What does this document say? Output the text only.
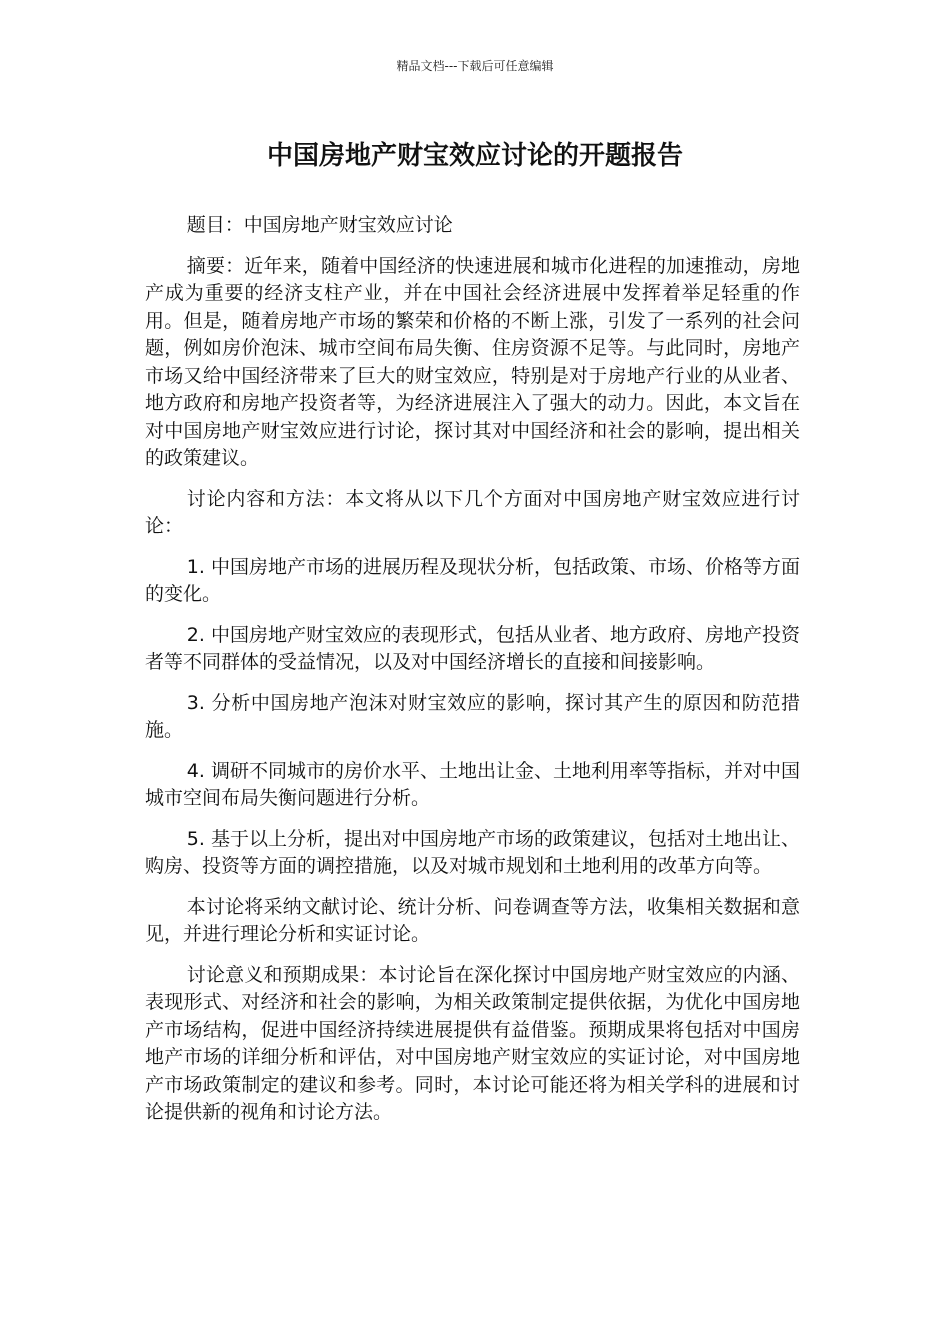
精品文档---下载后可任意编辑
中国房地产财宝效应讨论的开题报告

题目：中国房地产财宝效应讨论

摘要：近年来，随着中国经济的快速进展和城市化进程的加速推动，房地产成为重要的经济支柱产业，并在中国社会经济进展中发挥着举足轻重的作用。但是，随着房地产市场的繁荣和价格的不断上涨，引发了一系列的社会问题，例如房价泡沫、城市空间布局失衡、住房资源不足等。与此同时，房地产市场又给中国经济带来了巨大的财宝效应，特别是对于房地产行业的从业者、地方政府和房地产投资者等，为经济进展注入了强大的动力。因此，本文旨在对中国房地产财宝效应进行讨论，探讨其对中国经济和社会的影响，提出相关的政策建议。

讨论内容和方法：本文将从以下几个方面对中国房地产财宝效应进行讨论：

1. 中国房地产市场的进展历程及现状分析，包括政策、市场、价格等方面的变化。

2. 中国房地产财宝效应的表现形式，包括从业者、地方政府、房地产投资者等不同群体的受益情况，以及对中国经济增长的直接和间接影响。

3. 分析中国房地产泡沫对财宝效应的影响，探讨其产生的原因和防范措施。

4. 调研不同城市的房价水平、土地出让金、土地利用率等指标，并对中国城市空间布局失衡问题进行分析。

5. 基于以上分析，提出对中国房地产市场的政策建议，包括对土地出让、购房、投资等方面的调控措施，以及对城市规划和土地利用的改革方向等。

本讨论将采纳文献讨论、统计分析、问卷调查等方法，收集相关数据和意见，并进行理论分析和实证讨论。

讨论意义和预期成果：本讨论旨在深化探讨中国房地产财宝效应的内涵、表现形式、对经济和社会的影响，为相关政策制定提供依据，为优化中国房地产市场结构，促进中国经济持续进展提供有益借鉴。预期成果将包括对中国房地产市场的详细分析和评估，对中国房地产财宝效应的实证讨论，对中国房地产市场政策制定的建议和参考。同时，本讨论可能还将为相关学科的进展和讨论提供新的视角和讨论方法。
